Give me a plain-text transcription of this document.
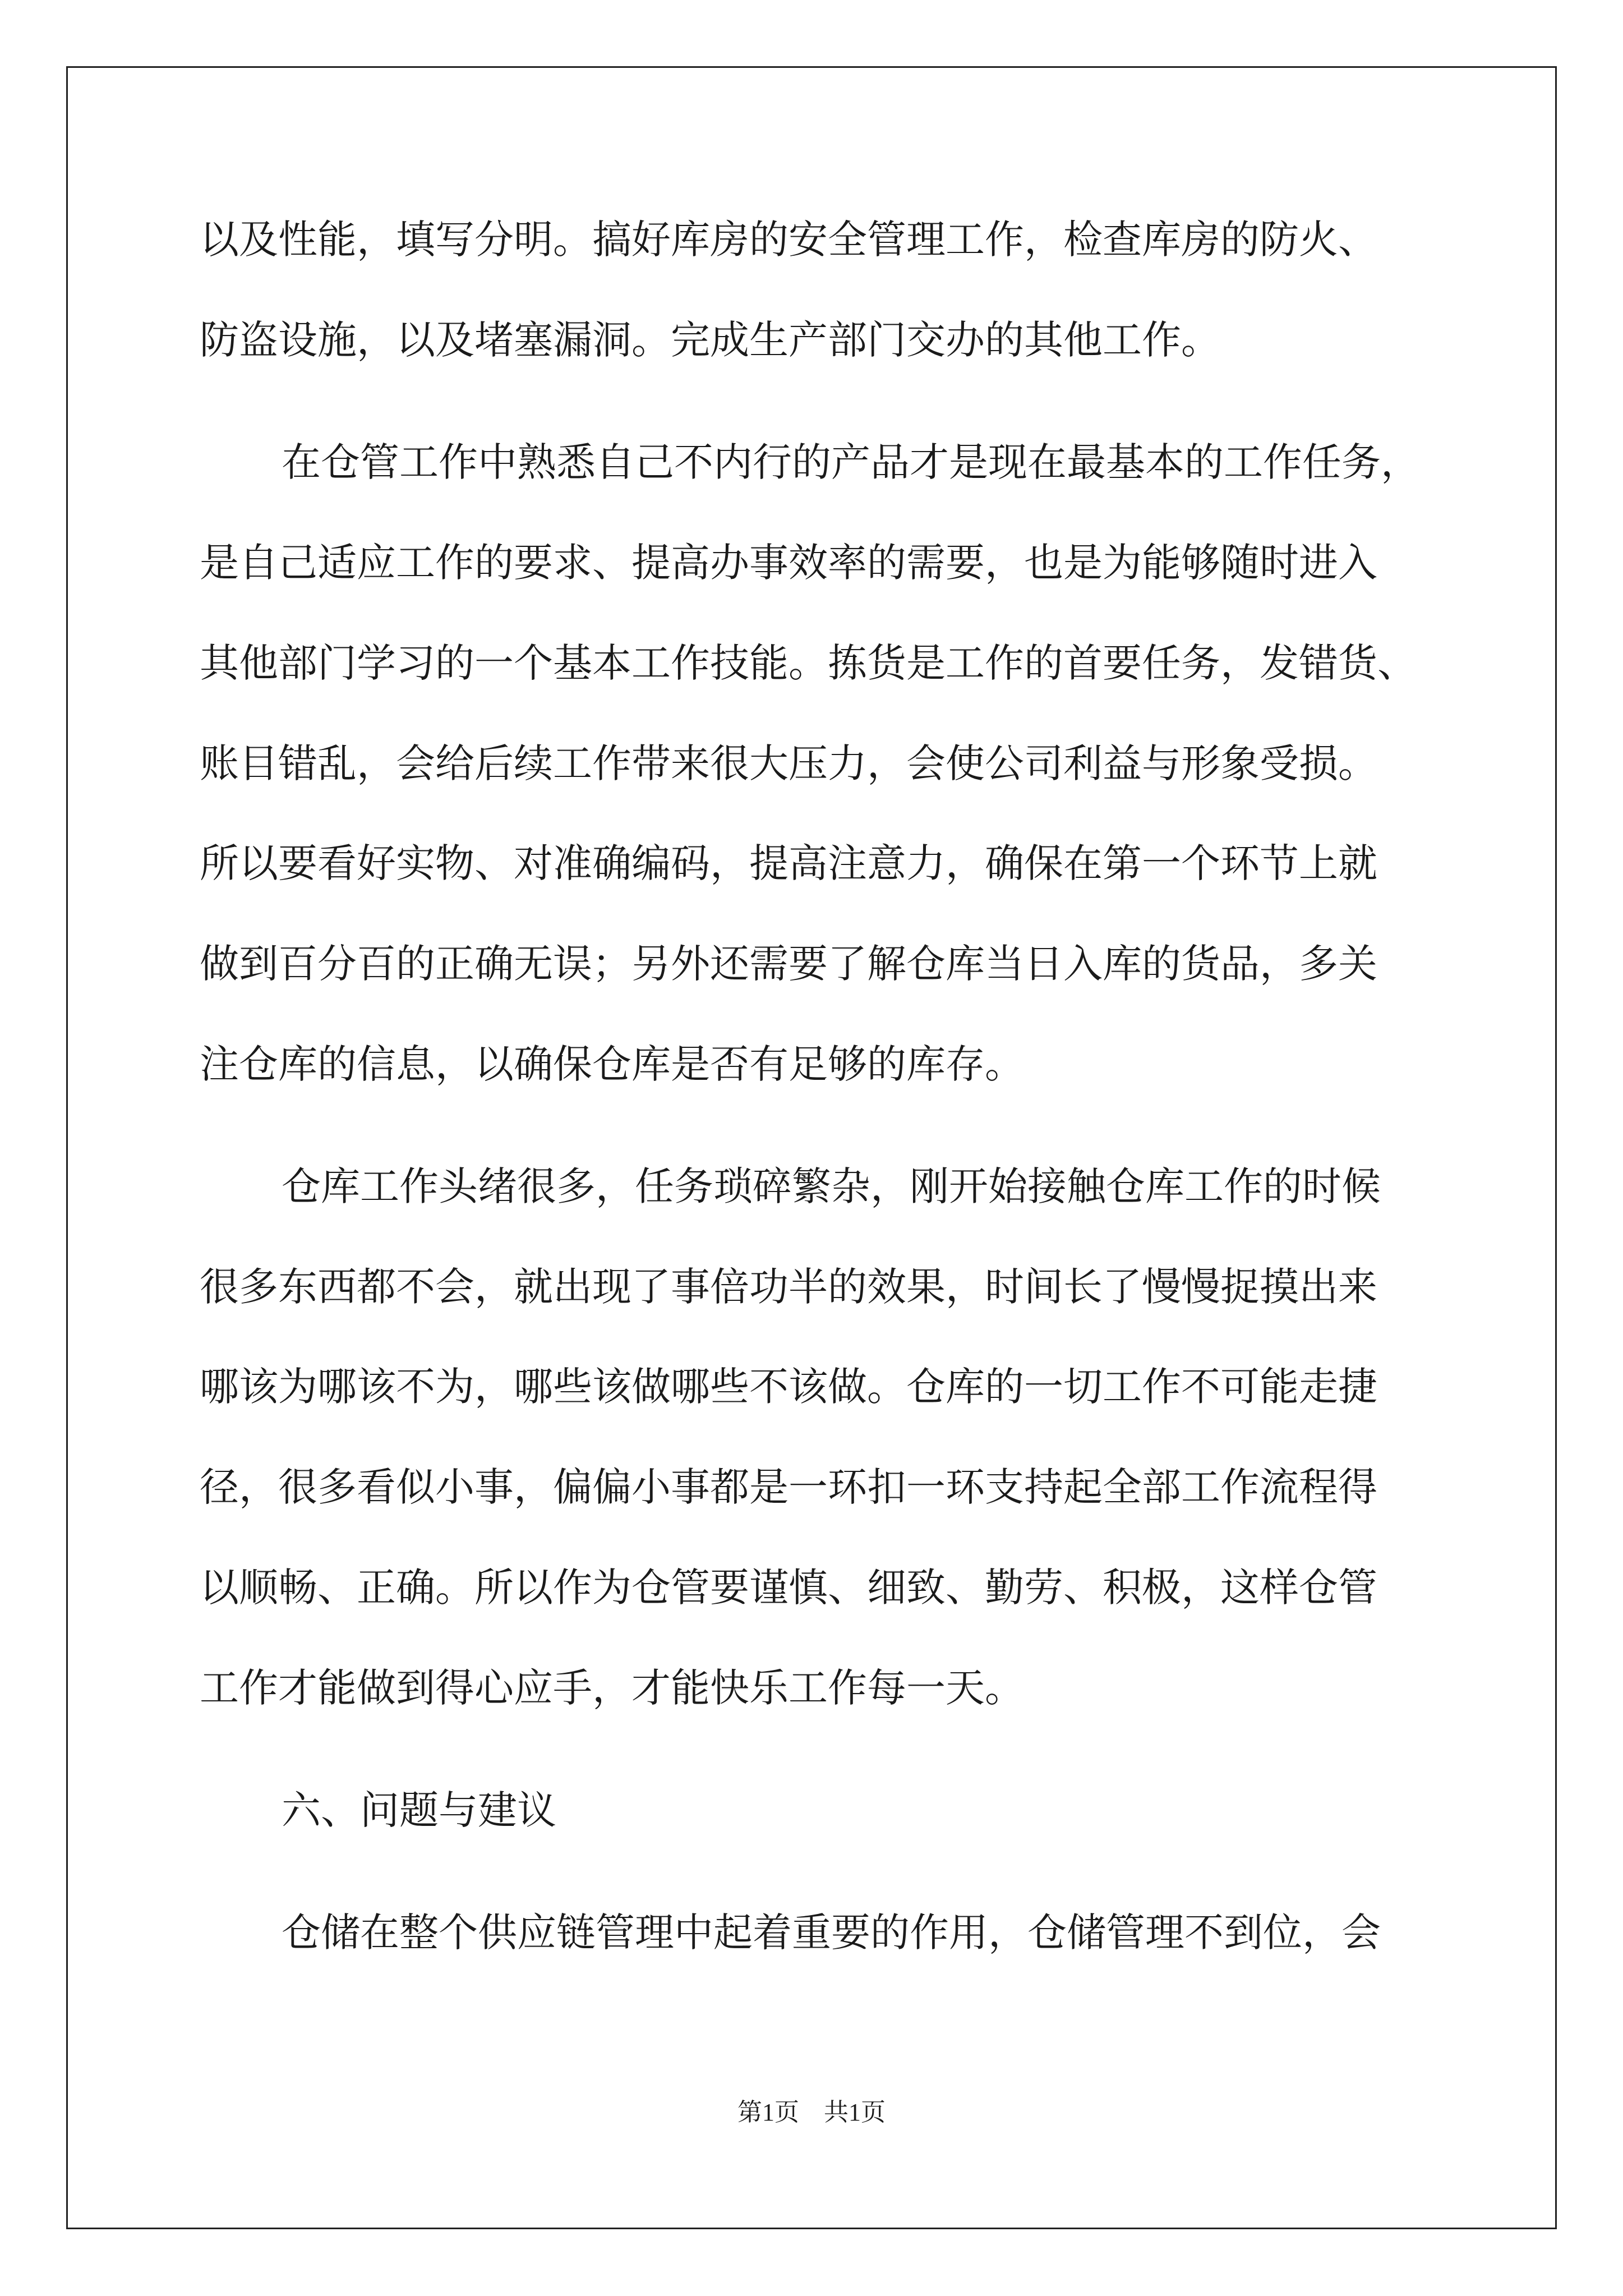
以及性能，填写分明。搞好库房的安全管理工作，检查库房的防火、
防盗设施，以及堵塞漏洞。完成生产部门交办的其他工作。
在仓管工作中熟悉自己不内行的产品才是现在最基本的工作任务，
是自己适应工作的要求、提高办事效率的需要，也是为能够随时进入
其他部门学习的一个基本工作技能。拣货是工作的首要任务，发错货、
账目错乱，会给后续工作带来很大压力，会使公司利益与形象受损。
所以要看好实物、对准确编码，提高注意力，确保在第一个环节上就
做到百分百的正确无误；另外还需要了解仓库当日入库的货品，多关
注仓库的信息，以确保仓库是否有足够的库存。
仓库工作头绪很多，任务琐碎繁杂，刚开始接触仓库工作的时候
很多东西都不会，就出现了事倍功半的效果，时间长了慢慢捉摸出来
哪该为哪该不为，哪些该做哪些不该做。仓库的一切工作不可能走捷
径，很多看似小事，偏偏小事都是一环扣一环支持起全部工作流程得
以顺畅、正确。所以作为仓管要谨慎、细致、勤劳、积极，这样仓管
工作才能做到得心应手，才能快乐工作每一天。
六、问题与建议
仓储在整个供应链管理中起着重要的作用，仓储管理不到位，会
第1页　共1页
